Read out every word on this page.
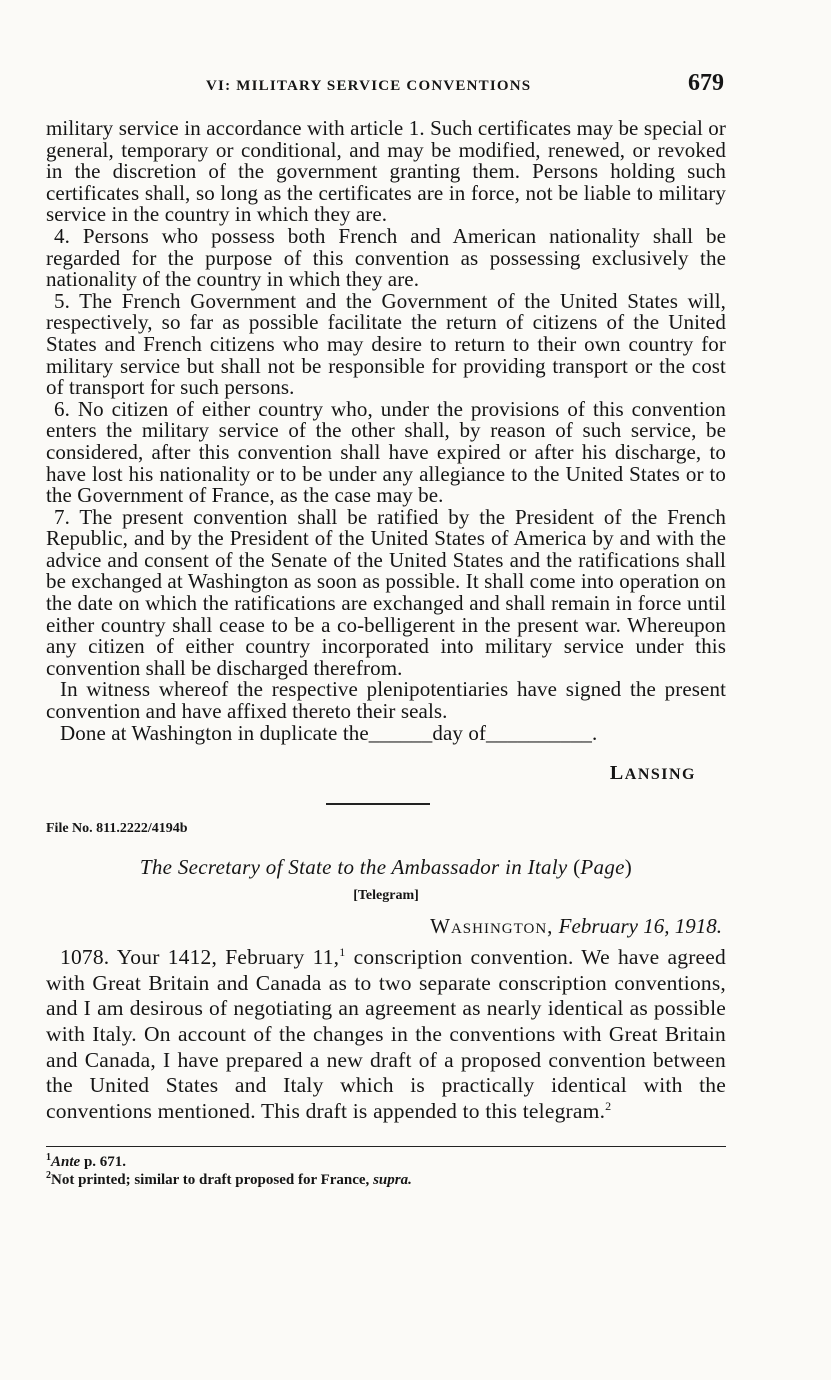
VI: MILITARY SERVICE CONVENTIONS	679

military service in accordance with article 1. Such certificates may be special or general, temporary or conditional, and may be modified, renewed, or revoked in the discretion of the government granting them. Persons holding such certificates shall, so long as the certificates are in force, not be liable to military service in the country in which they are.

4. Persons who possess both French and American nationality shall be regarded for the purpose of this convention as possessing exclusively the nationality of the country in which they are.

5. The French Government and the Government of the United States will, respectively, so far as possible facilitate the return of citizens of the United States and French citizens who may desire to return to their own country for military service but shall not be responsible for providing transport or the cost of transport for such persons.

6. No citizen of either country who, under the provisions of this convention enters the military service of the other shall, by reason of such service, be considered, after this convention shall have expired or after his discharge, to have lost his nationality or to be under any allegiance to the United States or to the Government of France, as the case may be.

7. The present convention shall be ratified by the President of the French Republic, and by the President of the United States of America by and with the advice and consent of the Senate of the United States and the ratifications shall be exchanged at Washington as soon as possible. It shall come into operation on the date on which the ratifications are exchanged and shall remain in force until either country shall cease to be a co-belligerent in the present war. Whereupon any citizen of either country incorporated into military service under this convention shall be discharged therefrom.

In witness whereof the respective plenipotentiaries have signed the present convention and have affixed thereto their seals.

Done at Washington in duplicate the______day of__________.

LANSING
File No. 811.2222/4194b
The Secretary of State to the Ambassador in Italy (Page)
[Telegram]
Washington, February 16, 1918.

1078. Your 1412, February 11,$^1$ conscription convention. We have agreed with Great Britain and Canada as to two separate conscription conventions, and I am desirous of negotiating an agreement as nearly identical as possible with Italy. On account of the changes in the conventions with Great Britain and Canada, I have prepared a new draft of a proposed convention between the United States and Italy which is practically identical with the conventions mentioned. This draft is appended to this telegram.$^2$

$^1$Ante p. 671.
$^2$Not printed; similar to draft proposed for France, supra.
